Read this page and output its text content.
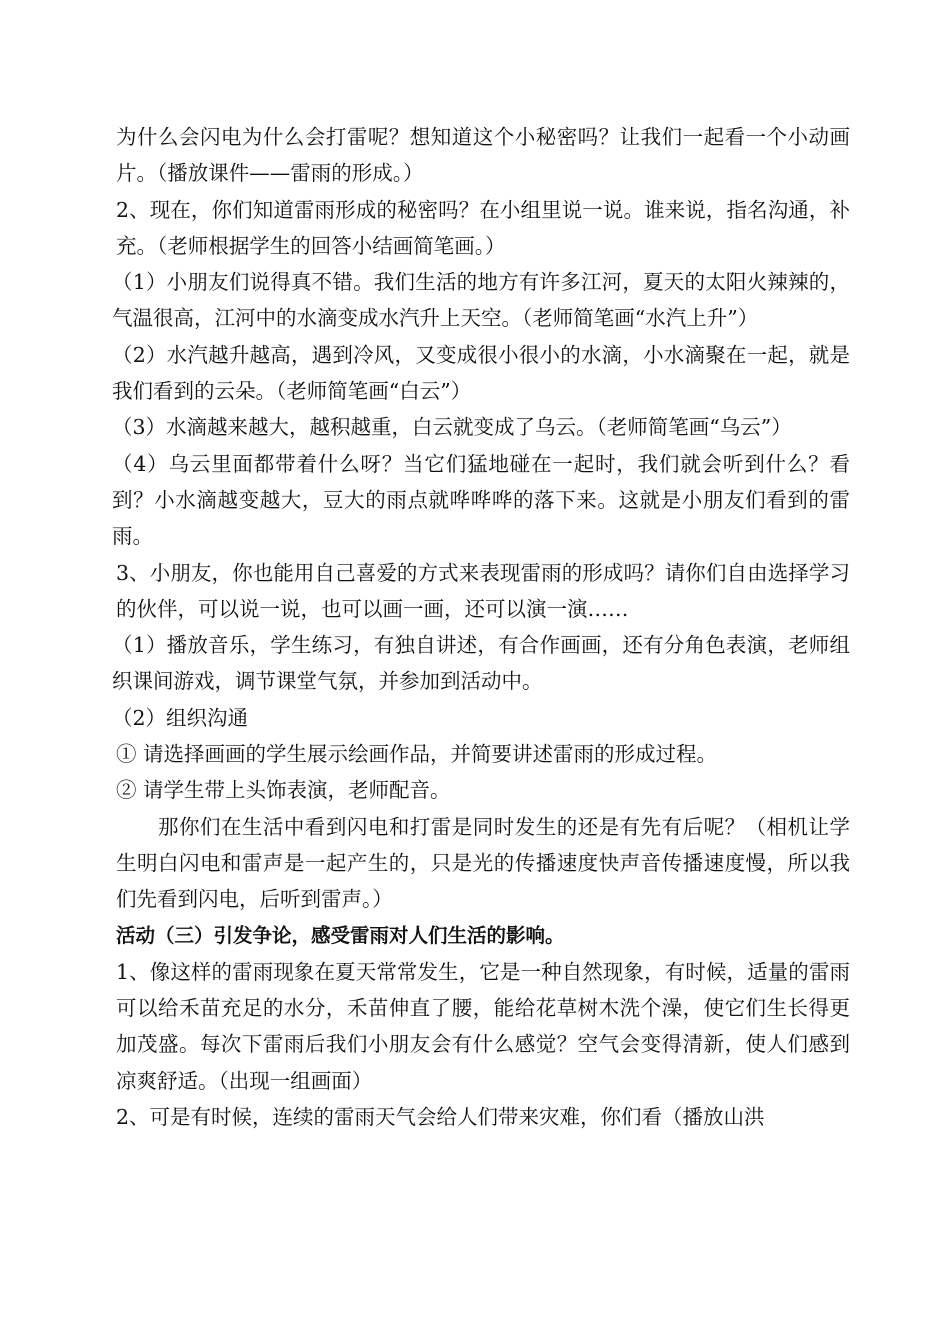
为什么会闪电为什么会打雷呢？想知道这个小秘密吗？让我们一起看一个小动画片。（播放课件——雷雨的形成。）

2、现在，你们知道雷雨形成的秘密吗？在小组里说一说。谁来说，指名沟通，补充。（老师根据学生的回答小结画简笔画。）

（1）小朋友们说得真不错。我们生活的地方有许多江河，夏天的太阳火辣辣的，气温很高，江河中的水滴变成水汽升上天空。（老师简笔画“水汽上升”）

（2）水汽越升越高，遇到冷风，又变成很小很小的水滴，小水滴聚在一起，就是我们看到的云朵。（老师简笔画“白云”）

（3）水滴越来越大，越积越重，白云就变成了乌云。（老师简笔画“乌云”）

（4）乌云里面都带着什么呀？当它们猛地碰在一起时，我们就会听到什么？看到？小水滴越变越大，豆大的雨点就哗哗哗的落下来。这就是小朋友们看到的雷雨。

3、小朋友，你也能用自己喜爱的方式来表现雷雨的形成吗？请你们自由选择学习的伙伴，可以说一说，也可以画一画，还可以演一演……

（1）播放音乐，学生练习，有独自讲述，有合作画画，还有分角色表演，老师组织课间游戏，调节课堂气氛，并参加到活动中。

（2）组织沟通

① 请选择画画的学生展示绘画作品，并简要讲述雷雨的形成过程。

② 请学生带上头饰表演，老师配音。

那你们在生活中看到闪电和打雷是同时发生的还是有先有后呢？（相机让学生明白闪电和雷声是一起产生的，只是光的传播速度快声音传播速度慢，所以我们先看到闪电，后听到雷声。）

活动（三）引发争论，感受雷雨对人们生活的影响。

1、像这样的雷雨现象在夏天常常发生，它是一种自然现象，有时候，适量的雷雨可以给禾苗充足的水分，禾苗伸直了腰，能给花草树木洗个澡，使它们生长得更加茂盛。每次下雷雨后我们小朋友会有什么感觉？空气会变得清新，使人们感到凉爽舒适。（出现一组画面）

2、可是有时候，连续的雷雨天气会给人们带来灾难，你们看（播放山洪
